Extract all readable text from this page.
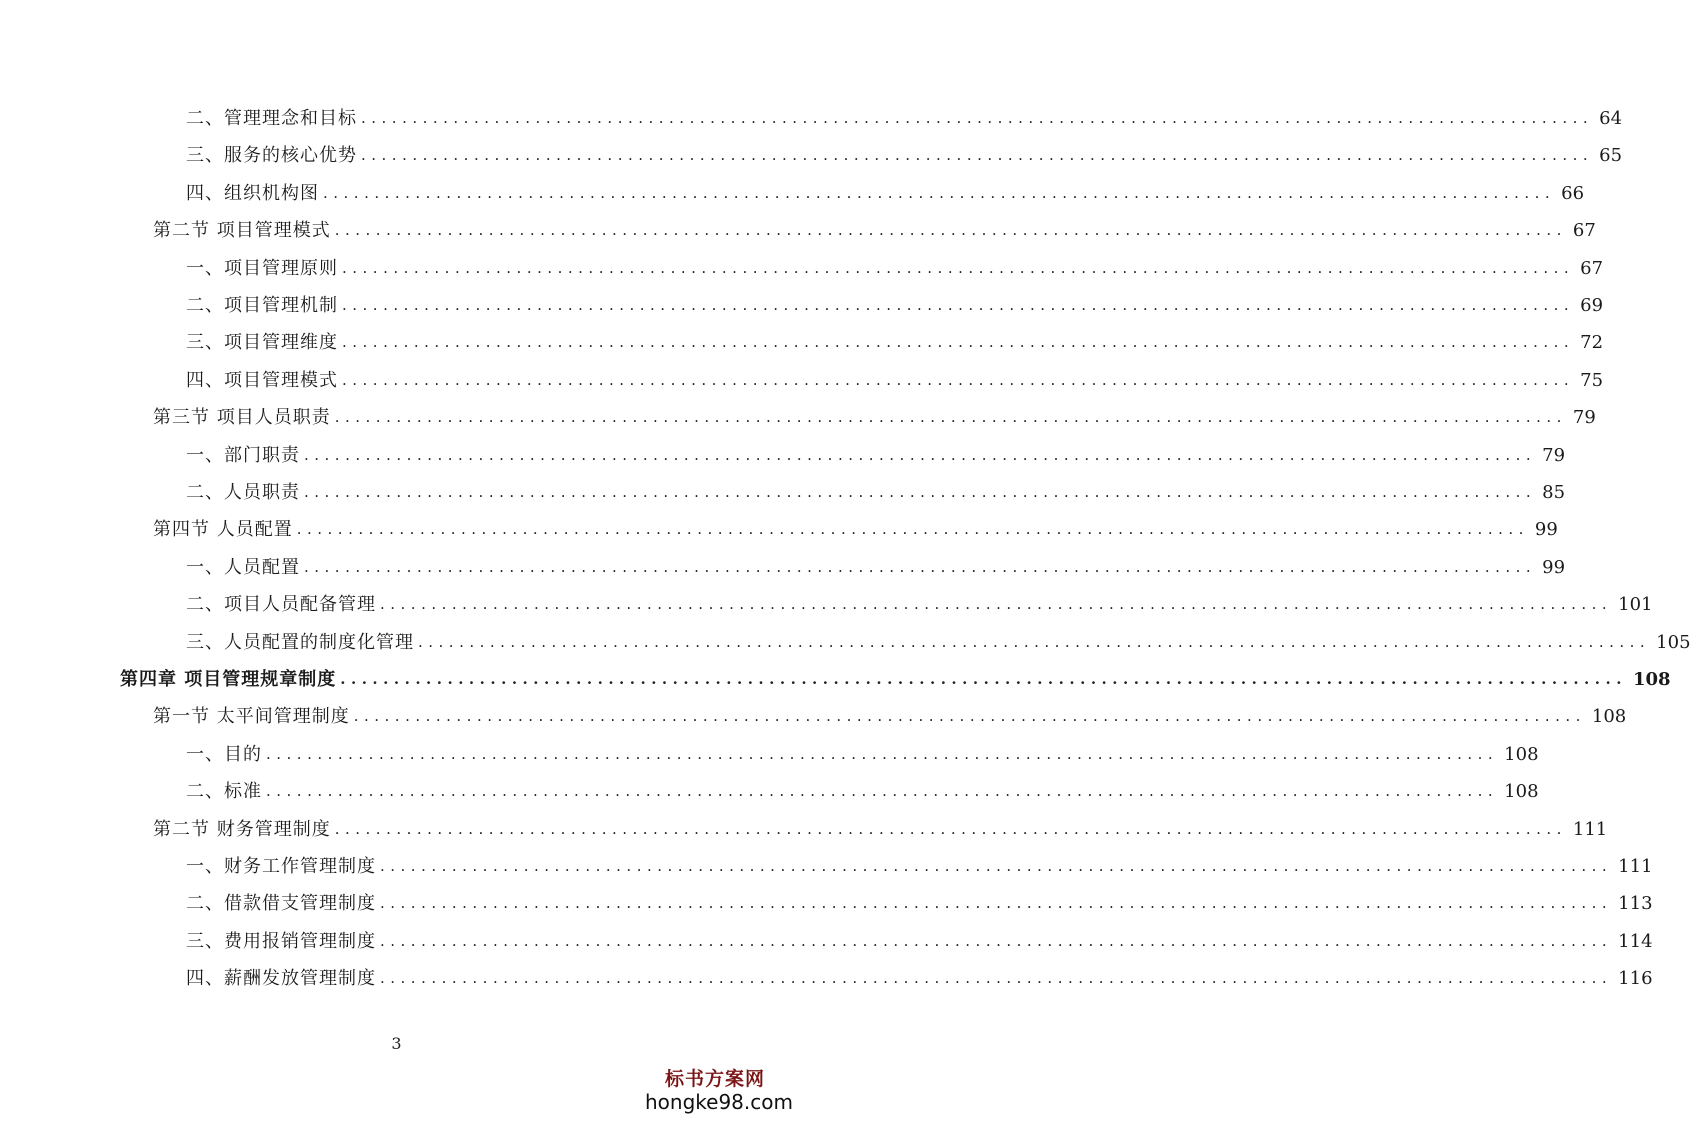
二、管理理念和目标 ........................................................................................................................ 64
三、服务的核心优势 ........................................................................................................................ 65
四、组织机构图 ........................................................................................................................ 66
第二节 项目管理模式 ........................................................................................................................ 67
一、项目管理原则 ........................................................................................................................ 67
二、项目管理机制 ........................................................................................................................ 69
三、项目管理维度 ........................................................................................................................ 72
四、项目管理模式 ........................................................................................................................ 75
第三节 项目人员职责 ........................................................................................................................ 79
一、部门职责 ........................................................................................................................ 79
二、人员职责 ........................................................................................................................ 85
第四节 人员配置 ........................................................................................................................ 99
一、人员配置 ........................................................................................................................ 99
二、项目人员配备管理 ........................................................................................................................ 101
三、人员配置的制度化管理 ........................................................................................................................ 105
第四章 项目管理规章制度 ........................................................................................................................ 108
第一节 太平间管理制度 ........................................................................................................................ 108
一、目的 ........................................................................................................................ 108
二、标准 ........................................................................................................................ 108
第二节 财务管理制度 ........................................................................................................................ 111
一、财务工作管理制度 ........................................................................................................................ 111
二、借款借支管理制度 ........................................................................................................................ 113
三、费用报销管理制度 ........................................................................................................................ 114
四、薪酬发放管理制度 ........................................................................................................................ 116
3
标书方案网
hongke98.com
